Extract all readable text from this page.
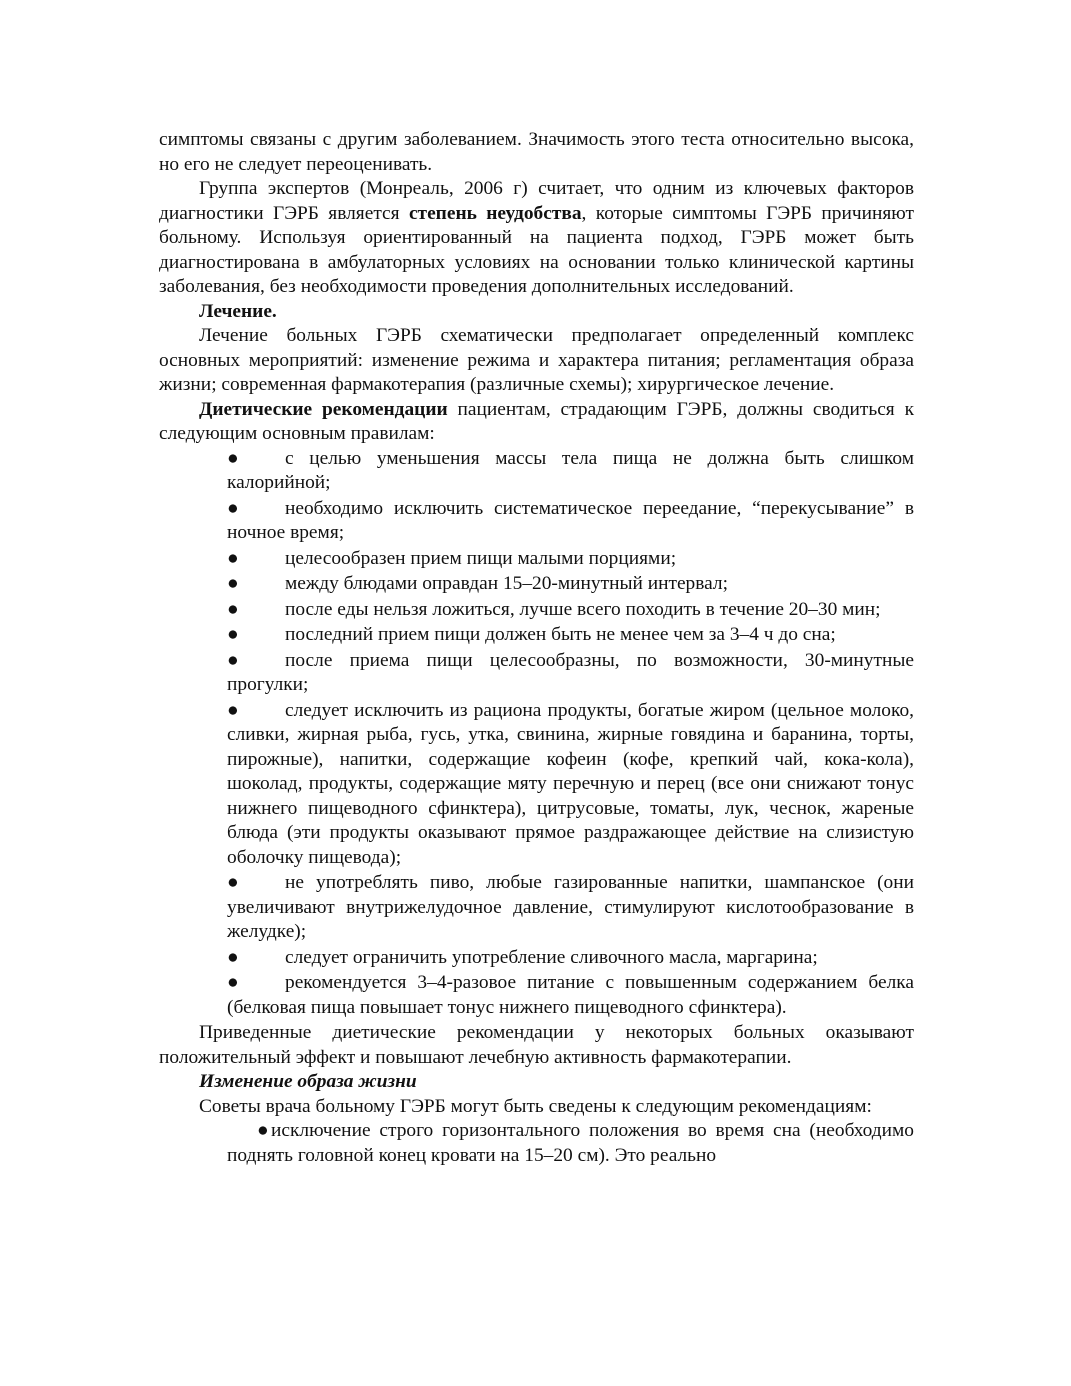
симптомы связаны с другим заболеванием. Значимость этого теста относительно высока, но его не следует переоценивать.

Группа экспертов (Монреаль, 2006 г) считает, что одним из ключевых факторов диагностики ГЭРБ является степень неудобства, которые симптомы ГЭРБ причиняют больному. Используя ориентированный на пациента подход, ГЭРБ может быть диагностирована в амбулаторных условиях на основании только клинической картины заболевания, без необходимости проведения дополнительных исследований.

Лечение.

Лечение больных ГЭРБ схематически предполагает определенный комплекс основных мероприятий: изменение режима и характера питания; регламентация образа жизни; современная фармакотерапия (различные схемы); хирургическое лечение.

Диетические рекомендации пациентам, страдающим ГЭРБ, должны сводиться к следующим основным правилам:

● с целью уменьшения массы тела пища не должна быть слишком калорийной;
● необходимо исключить систематическое переедание, “перекусывание” в ночное время;
● целесообразен прием пищи малыми порциями;
● между блюдами оправдан 15–20-минутный интервал;
● после еды нельзя ложиться, лучше всего походить в течение 20–30 мин;
● последний прием пищи должен быть не менее чем за 3–4 ч до сна;
● после приема пищи целесообразны, по возможности, 30-минутные прогулки;
● следует исключить из рациона продукты, богатые жиром (цельное молоко, сливки, жирная рыба, гусь, утка, свинина, жирные говядина и баранина, торты, пирожные), напитки, содержащие кофеин (кофе, крепкий чай, кока-кола), шоколад, продукты, содержащие мяту перечную и перец (все они снижают тонус нижнего пищеводного сфинктера), цитрусовые, томаты, лук, чеснок, жареные блюда (эти продукты оказывают прямое раздражающее действие на слизистую оболочку пищевода);
● не употреблять пиво, любые газированные напитки, шампанское (они увеличивают внутрижелудочное давление, стимулируют кислотообразование в желудке);
● следует ограничить употребление сливочного масла, маргарина;
● рекомендуется 3–4-разовое питание с повышенным содержанием белка (белковая пища повышает тонус нижнего пищеводного сфинктера).

Приведенные диетические рекомендации у некоторых больных оказывают положительный эффект и повышают лечебную активность фармакотерапии.

Изменение образа жизни

Советы врача больному ГЭРБ могут быть сведены к следующим рекомендациям:

● исключение строго горизонтального положения во время сна (необходимо поднять головной конец кровати на 15–20 см). Это реально
